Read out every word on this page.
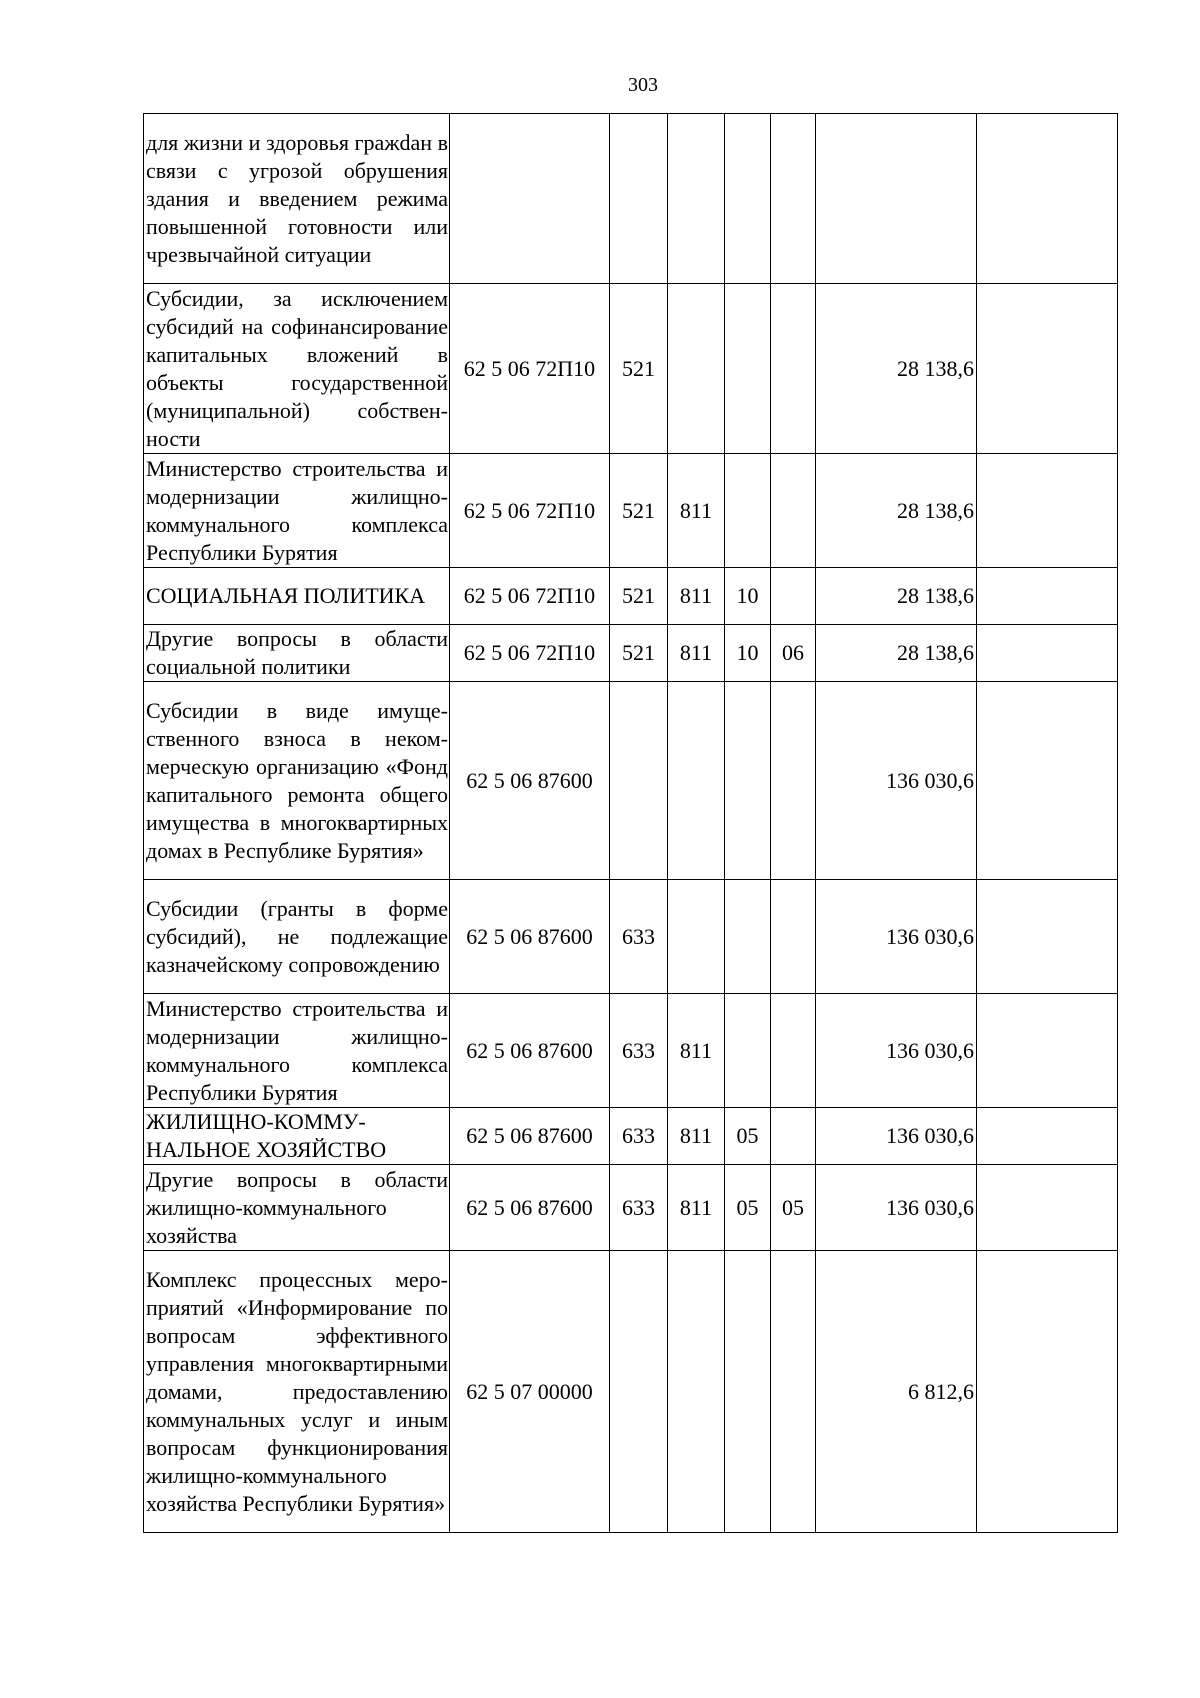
303
для жизни и здоровья гражdан в связи с угрозой обрушения здания и введением режима повышенной готовности или чрезвычайной ситуации							
Субсидии, за исключением субсидий на софинансирование капитальных вложений в объекты государственной (муниципальной) собственности	62 5 06 72П10	521				28 138,6	
Министерство строительства и модернизации жилищно-коммунального комплекса Республики Бурятия	62 5 06 72П10	521	811			28 138,6	
СОЦИАЛЬНАЯ ПОЛИТИКА	62 5 06 72П10	521	811	10		28 138,6	
Другие вопросы в области социальной политики	62 5 06 72П10	521	811	10	06	28 138,6	
Субсидии в виде имущественного взноса в некоммерческую организацию «Фонд капитального ремонта общего имущества в многоквартирных домах в Республике Бурятия»	62 5 06 87600					136 030,6	
Субсидии (гранты в форме субсидий), не подлежащие казначейскому сопровождению	62 5 06 87600	633				136 030,6	
Министерство строительства и модернизации жилищно-коммунального комплекса Республики Бурятия	62 5 06 87600	633	811			136 030,6	
ЖИЛИЩНО-КОММУНАЛЬНОЕ ХОЗЯЙСТВО	62 5 06 87600	633	811	05		136 030,6	
Другие вопросы в области жилищно-коммунального хозяйства	62 5 06 87600	633	811	05	05	136 030,6	
Комплекс процессных мероприятий «Информирование по вопросам эффективного управления многоквартирными домами, предоставлению коммунальных услуг и иным вопросам функционирования жилищно-коммунального хозяйства Республики Бурятия»	62 5 07 00000					6 812,6	
